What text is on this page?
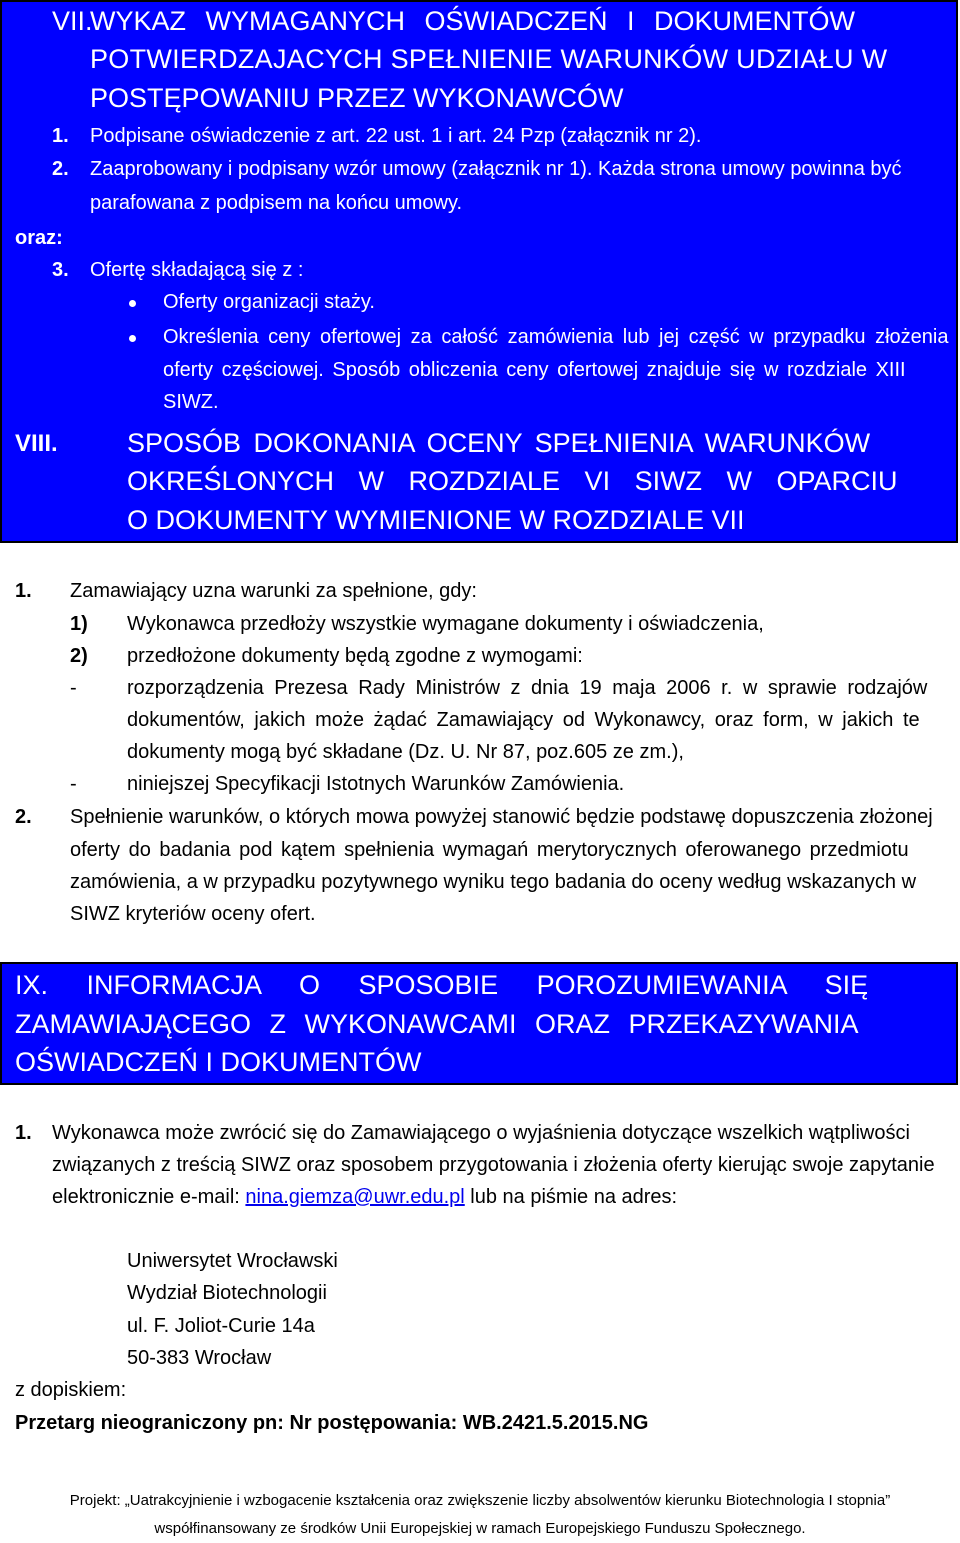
VII.
WYKAZ WYMAGANYCH OŚWIADCZEŃ I DOKUMENTÓW
POTWIERDZAJACYCH SPEŁNIENIE WARUNKÓW UDZIAŁU W
POSTĘPOWANIU PRZEZ WYKONAWCÓW
1. Podpisane oświadczenie z art. 22 ust. 1 i art. 24 Pzp (załącznik nr 2).
2. Zaaprobowany i podpisany wzór umowy (załącznik nr 1). Każda strona umowy powinna być
parafowana z podpisem na końcu umowy.
oraz:
3. Ofertę składającą się z :
Oferty organizacji staży.
Określenia ceny ofertowej za całość zamówienia lub jej część w przypadku złożenia
oferty częściowej. Sposób obliczenia ceny ofertowej znajduje się w rozdziale XIII
SIWZ.
VIII.	SPOSÓB DOKONANIA OCENY SPEŁNIENIA WARUNKÓW
OKREŚLONYCH W ROZDZIALE VI SIWZ W OPARCIU
O DOKUMENTY WYMIENIONE W ROZDZIALE VII
1. Zamawiający uzna warunki za spełnione, gdy:
1) Wykonawca przedłoży wszystkie wymagane dokumenty i oświadczenia,
2) przedłożone dokumenty będą zgodne z wymogami:
-	rozporządzenia Prezesa Rady Ministrów z dnia 19 maja 2006 r. w sprawie rodzajów
dokumentów, jakich może żądać Zamawiający od Wykonawcy, oraz form, w jakich te
dokumenty mogą być składane (Dz. U. Nr 87, poz.605 ze zm.),
-	niniejszej Specyfikacji Istotnych Warunków Zamówienia.
2. Spełnienie warunków, o których mowa powyżej stanowić będzie podstawę dopuszczenia złożonej
oferty do badania pod kątem spełnienia wymagań merytorycznych oferowanego przedmiotu
zamówienia, a w przypadku pozytywnego wyniku tego badania do oceny według wskazanych w
SIWZ kryteriów oceny ofert.
IX. INFORMACJA O SPOSOBIE POROZUMIEWANIA SIĘ
ZAMAWIAJĄCEGO Z WYKONAWCAMI ORAZ PRZEKAZYWANIA
OŚWIADCZEŃ I DOKUMENTÓW
1. Wykonawca może zwrócić się do Zamawiającego o wyjaśnienia dotyczące wszelkich wątpliwości
związanych z treścią SIWZ oraz sposobem przygotowania i złożenia oferty kierując swoje zapytanie
elektronicznie e-mail: nina.giemza@uwr.edu.pl lub na piśmie na adres:
Uniwersytet Wrocławski
Wydział Biotechnologii
ul. F. Joliot-Curie 14a
50-383 Wrocław
z dopiskiem:
Przetarg nieograniczony pn: Nr postępowania: WB.2421.5.2015.NG
Projekt: „Uatrakcyjnienie i wzbogacenie kształcenia oraz zwiększenie liczby absolwentów kierunku Biotechnologia I stopnia”
współfinansowany ze środków Unii Europejskiej w ramach Europejskiego Funduszu Społecznego.
